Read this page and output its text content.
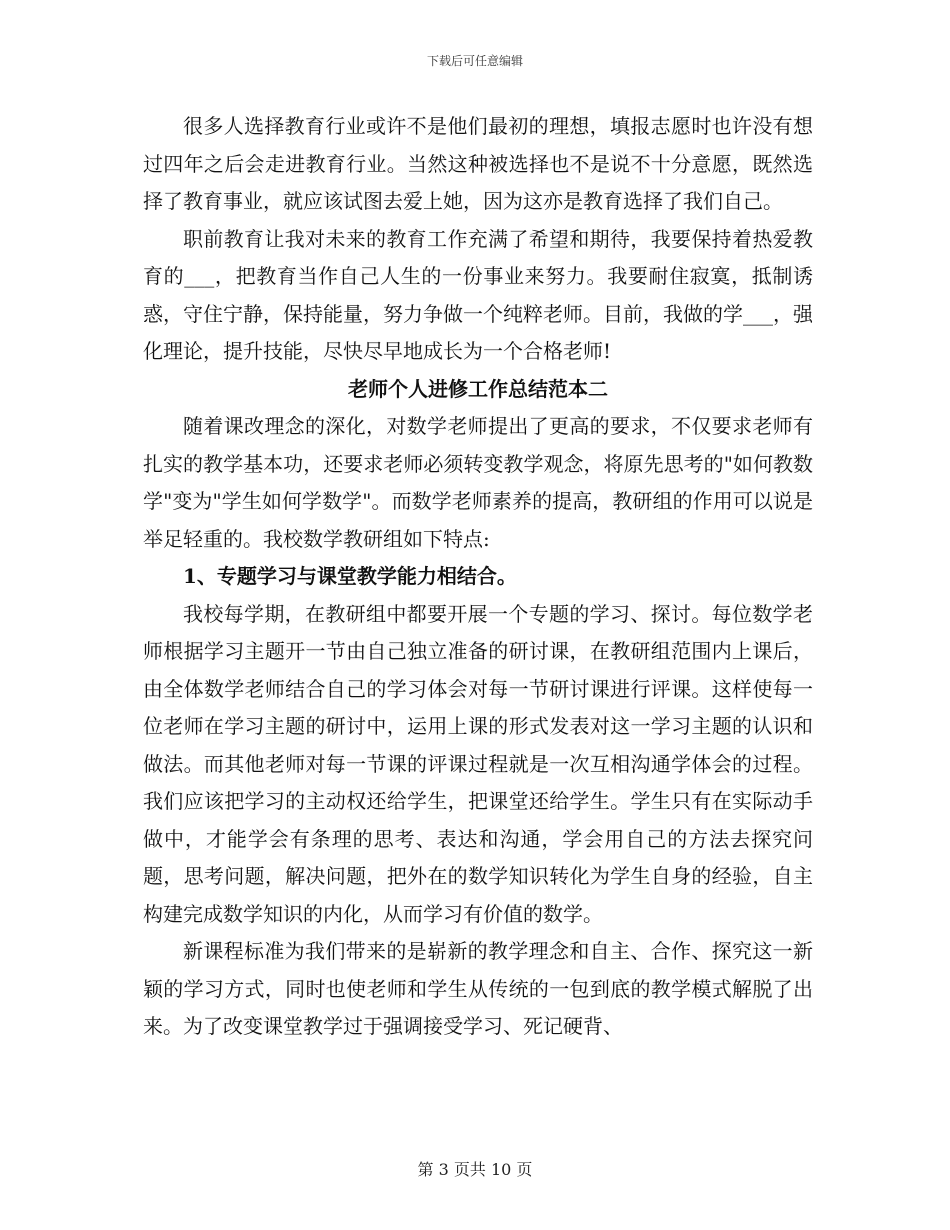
下载后可任意编辑

很多人选择教育行业或许不是他们最初的理想，填报志愿时也许没有想过四年之后会走进教育行业。当然这种被选择也不是说不十分意愿，既然选择了教育事业，就应该试图去爱上她，因为这亦是教育选择了我们自己。

职前教育让我对未来的教育工作充满了希望和期待，我要保持着热爱教育的___，把教育当作自己人生的一份事业来努力。我要耐住寂寞，抵制诱惑，守住宁静，保持能量，努力争做一个纯粹老师。目前，我做的学___，强化理论，提升技能，尽快尽早地成长为一个合格老师!

老师个人进修工作总结范本二

随着课改理念的深化，对数学老师提出了更高的要求，不仅要求老师有扎实的教学基本功，还要求老师必须转变教学观念，将原先思考的"如何教数学"变为"学生如何学数学"。而数学老师素养的提高，教研组的作用可以说是举足轻重的。我校数学教研组如下特点:

1、专题学习与课堂教学能力相结合。

我校每学期，在教研组中都要开展一个专题的学习、探讨。每位数学老师根据学习主题开一节由自己独立准备的研讨课，在教研组范围内上课后，由全体数学老师结合自己的学习体会对每一节研讨课进行评课。这样使每一位老师在学习主题的研讨中，运用上课的形式发表对这一学习主题的认识和做法。而其他老师对每一节课的评课过程就是一次互相沟通学体会的过程。我们应该把学习的主动权还给学生，把课堂还给学生。学生只有在实际动手做中，才能学会有条理的思考、表达和沟通，学会用自己的方法去探究问题，思考问题，解决问题，把外在的数学知识转化为学生自身的经验，自主构建完成数学知识的内化，从而学习有价值的数学。

新课程标准为我们带来的是崭新的教学理念和自主、合作、探究这一新颖的学习方式，同时也使老师和学生从传统的一包到底的教学模式解脱了出来。为了改变课堂教学过于强调接受学习、死记硬背、

第 3 页共 10 页
